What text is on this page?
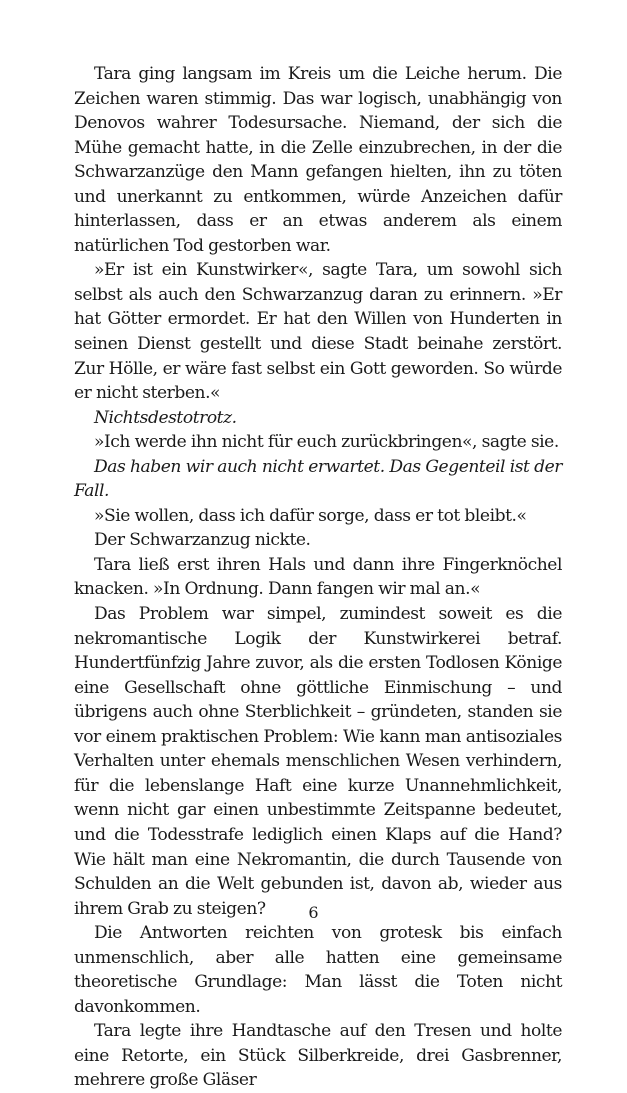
Tara ging langsam im Kreis um die Leiche herum. Die Zeichen waren stimmig. Das war logisch, unabhängig von Denovos wahrer Todesursache. Niemand, der sich die Mühe gemacht hatte, in die Zelle einzubrechen, in der die Schwarzanzüge den Mann gefangen hielten, ihn zu töten und unerkannt zu entkommen, würde Anzeichen dafür hinterlassen, dass er an etwas anderem als einem natürlichen Tod gestorben war.

»Er ist ein Kunstwirker«, sagte Tara, um sowohl sich selbst als auch den Schwarzanzug daran zu erinnern. »Er hat Götter ermordet. Er hat den Willen von Hunderten in seinen Dienst gestellt und diese Stadt beinahe zerstört. Zur Hölle, er wäre fast selbst ein Gott geworden. So würde er nicht sterben.«

Nichtsdestotrotz.

»Ich werde ihn nicht für euch zurückbringen«, sagte sie.

Das haben wir auch nicht erwartet. Das Gegenteil ist der Fall.

»Sie wollen, dass ich dafür sorge, dass er tot bleibt.«

Der Schwarzanzug nickte.

Tara ließ erst ihren Hals und dann ihre Fingerknöchel knacken. »In Ordnung. Dann fangen wir mal an.«

Das Problem war simpel, zumindest soweit es die nekromantische Logik der Kunstwirkerei betraf. Hundertfünfzig Jahre zuvor, als die ersten Todlosen Könige eine Gesellschaft ohne göttliche Einmischung – und übrigens auch ohne Sterblichkeit – gründeten, standen sie vor einem praktischen Problem: Wie kann man antisoziales Verhalten unter ehemals menschlichen Wesen verhindern, für die lebenslange Haft eine kurze Unannehmlichkeit, wenn nicht gar einen unbestimmte Zeitspanne bedeutet, und die Todesstrafe lediglich einen Klaps auf die Hand? Wie hält man eine Nekromantin, die durch Tausende von Schulden an die Welt gebunden ist, davon ab, wieder aus ihrem Grab zu steigen?

Die Antworten reichten von grotesk bis einfach unmenschlich, aber alle hatten eine gemeinsame theoretische Grundlage: Man lässt die Toten nicht davonkommen.

Tara legte ihre Handtasche auf den Tresen und holte eine Retorte, ein Stück Silberkreide, drei Gasbrenner, mehrere große Gläser

6
